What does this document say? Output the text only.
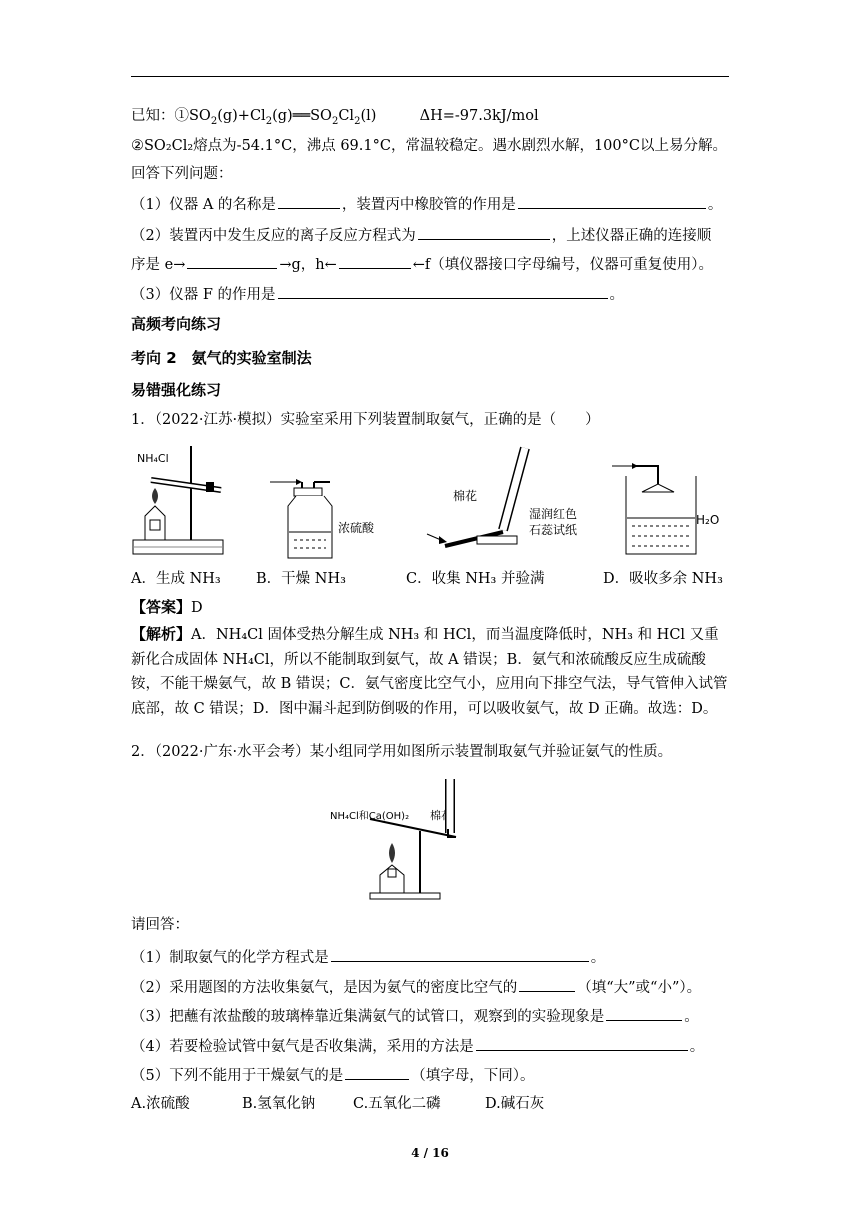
已知：$①SO_2(g)+Cl_2(g)══SO_2Cl_2(l)$	ΔH=-97.3kJ/mol
②SO₂Cl₂熔点为-54.1°C，沸点 69.1°C，常温较稳定。遇水剧烈水解，100°C以上易分解。
回答下列问题：
（1）仪器 A 的名称是	，装置丙中橡胶管的作用是	。
（2）装置丙中发生反应的离子反应方程式为	，上述仪器正确的连接顺
序是 e→	→g，h←	←f（填仪器接口字母编号，仪器可重复使用）。
（3）仪器 F 的作用是	。
高频考向练习
考向 2　氨气的实验室制法
易错强化练习
1．（2022·江苏·模拟）实验室采用下列装置制取氨气，正确的是（　　）
NH₄Cl
浓硫酸
棉花
湿润红色
石蕊试纸
H₂O
A．生成 NH₃ B．干燥 NH₃	C．收集 NH₃ 并验满	D．吸收多余 NH₃
【答案】D
【解析】A．NH₄Cl 固体受热分解生成 NH₃ 和 HCl，而当温度降低时，NH₃ 和 HCl 又重新化合成固体 NH₄Cl，所以不能制取到氨气，故 A 错误；B．氨气和浓硫酸反应生成硫酸铵，不能干燥氨气，故 B 错误；C．氨气密度比空气小，应用向下排空气法，导气管伸入试管底部，故 C 错误；D．图中漏斗起到防倒吸的作用，可以吸收氨气，故 D 正确。故选：D。
2．（2022·广东·水平会考）某小组同学用如图所示装置制取氨气并验证氨气的性质。
NH₄Cl和Ca(OH)₂ 棉花
请回答：
（1）制取氨气的化学方程式是	。
（2）采用题图的方法收集氨气，是因为氨气的密度比空气的	（填“大”或“小”）。
（3）把蘸有浓盐酸的玻璃棒靠近集满氨气的试管口，观察到的实验现象是	。
（4）若要检验试管中氨气是否收集满，采用的方法是	。
（5）下列不能用于干燥氨气的是	（填字母，下同）。
A.浓硫酸	B.氢氧化钠	C.五氧化二磷	D.碱石灰
4 / 16
